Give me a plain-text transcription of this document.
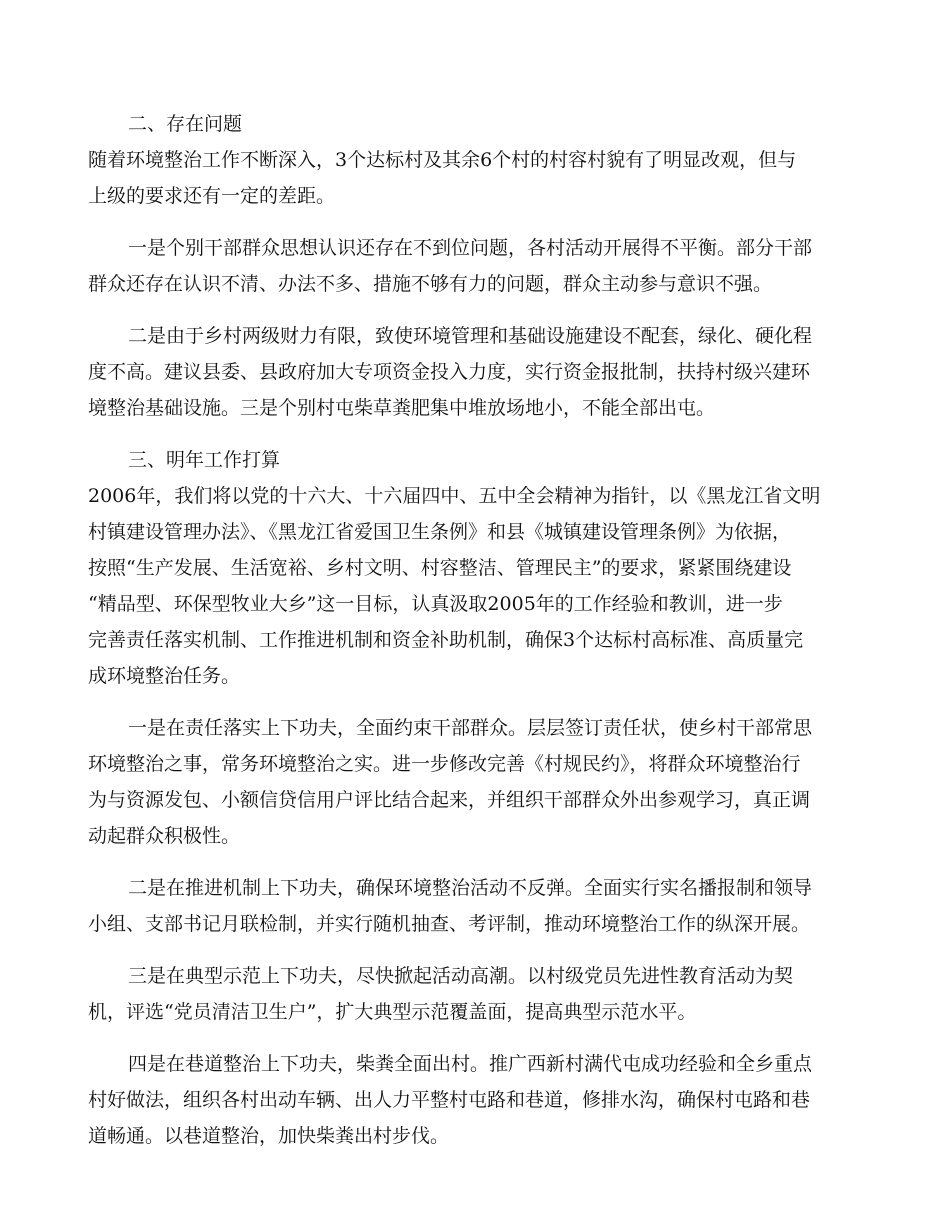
二、存在问题

随着环境整治工作不断深入，3个达标村及其余6个村的村容村貌有了明显改观，但与

上级的要求还有一定的差距。

一是个别干部群众思想认识还存在不到位问题，各村活动开展得不平衡。部分干部

群众还存在认识不清、办法不多、措施不够有力的问题，群众主动参与意识不强。

二是由于乡村两级财力有限，致使环境管理和基础设施建设不配套，绿化、硬化程

度不高。建议县委、县政府加大专项资金投入力度，实行资金报批制，扶持村级兴建环

境整治基础设施。三是个别村屯柴草粪肥集中堆放场地小，不能全部出屯。

三、明年工作打算

2006年，我们将以党的十六大、十六届四中、五中全会精神为指针，以《黑龙江省文明

村镇建设管理办法》、《黑龙江省爱国卫生条例》和县《城镇建设管理条例》为依据，

按照“生产发展、生活宽裕、乡村文明、村容整洁、管理民主”的要求，紧紧围绕建设

“精品型、环保型牧业大乡”这一目标，认真汲取2005年的工作经验和教训，进一步

完善责任落实机制、工作推进机制和资金补助机制，确保3个达标村高标准、高质量完

成环境整治任务。

一是在责任落实上下功夫，全面约束干部群众。层层签订责任状，使乡村干部常思

环境整治之事，常务环境整治之实。进一步修改完善《村规民约》，将群众环境整治行

为与资源发包、小额信贷信用户评比结合起来，并组织干部群众外出参观学习，真正调

动起群众积极性。

二是在推进机制上下功夫，确保环境整治活动不反弹。全面实行实名播报制和领导

小组、支部书记月联检制，并实行随机抽查、考评制，推动环境整治工作的纵深开展。

三是在典型示范上下功夫，尽快掀起活动高潮。以村级党员先进性教育活动为契

机，评选“党员清洁卫生户”，扩大典型示范覆盖面，提高典型示范水平。

四是在巷道整治上下功夫，柴粪全面出村。推广西新村满代屯成功经验和全乡重点

村好做法，组织各村出动车辆、出人力平整村屯路和巷道，修排水沟，确保村屯路和巷

道畅通。以巷道整治，加快柴粪出村步伐。
